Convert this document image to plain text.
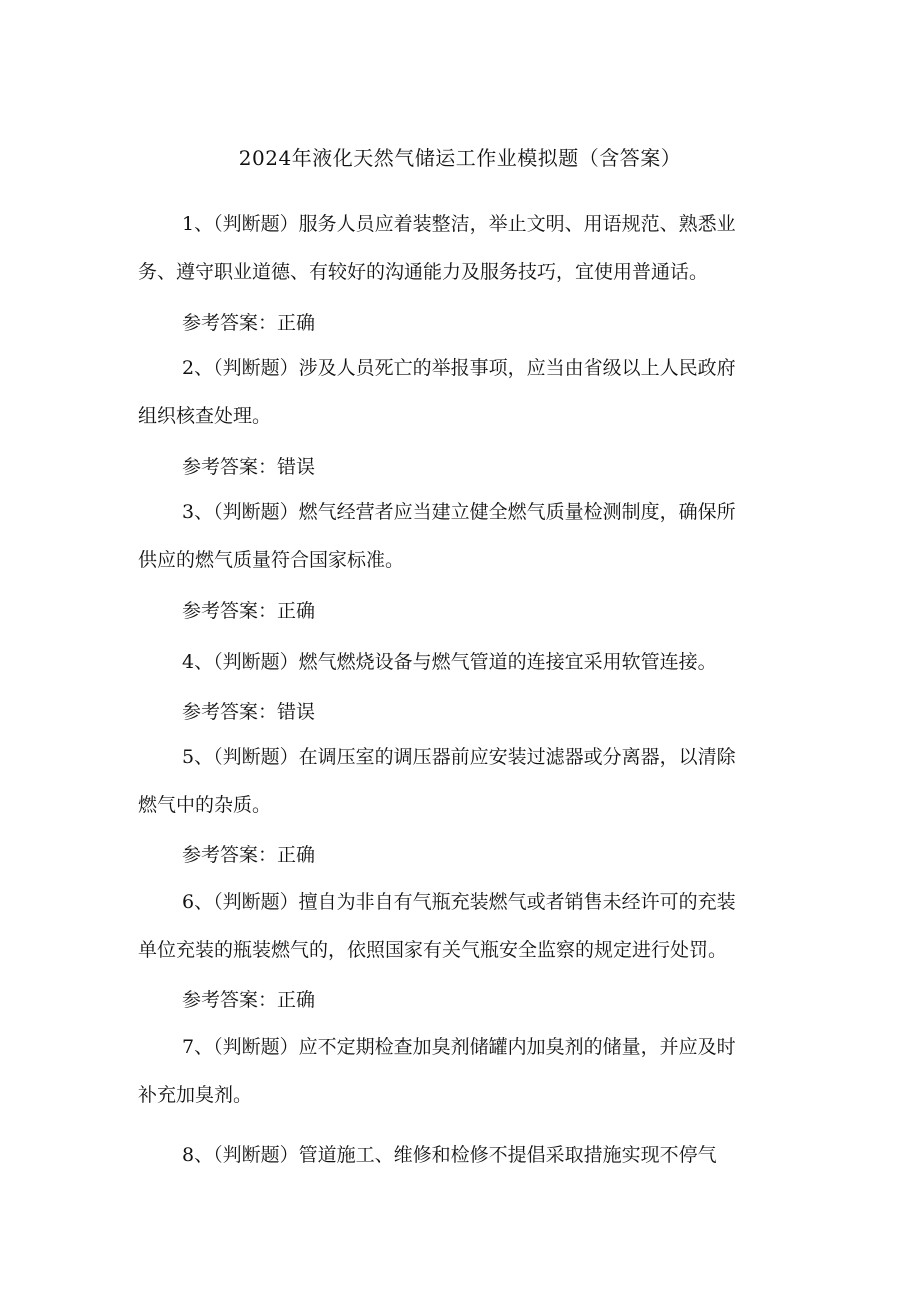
2024年液化天然气储运工作业模拟题（含答案）
1、（判断题）服务人员应着装整洁，举止文明、用语规范、熟悉业
务、遵守职业道德、有较好的沟通能力及服务技巧，宜使用普通话。
参考答案：正确
2、（判断题）涉及人员死亡的举报事项，应当由省级以上人民政府
组织核查处理。
参考答案：错误
3、（判断题）燃气经营者应当建立健全燃气质量检测制度，确保所
供应的燃气质量符合国家标准。
参考答案：正确
4、（判断题）燃气燃烧设备与燃气管道的连接宜采用软管连接。
参考答案：错误
5、（判断题）在调压室的调压器前应安装过滤器或分离器，以清除
燃气中的杂质。
参考答案：正确
6、（判断题）擅自为非自有气瓶充装燃气或者销售未经许可的充装
单位充装的瓶装燃气的，依照国家有关气瓶安全监察的规定进行处罚。
参考答案：正确
7、（判断题）应不定期检查加臭剂储罐内加臭剂的储量，并应及时
补充加臭剂。
8、（判断题）管道施工、维修和检修不提倡采取措施实现不停气
